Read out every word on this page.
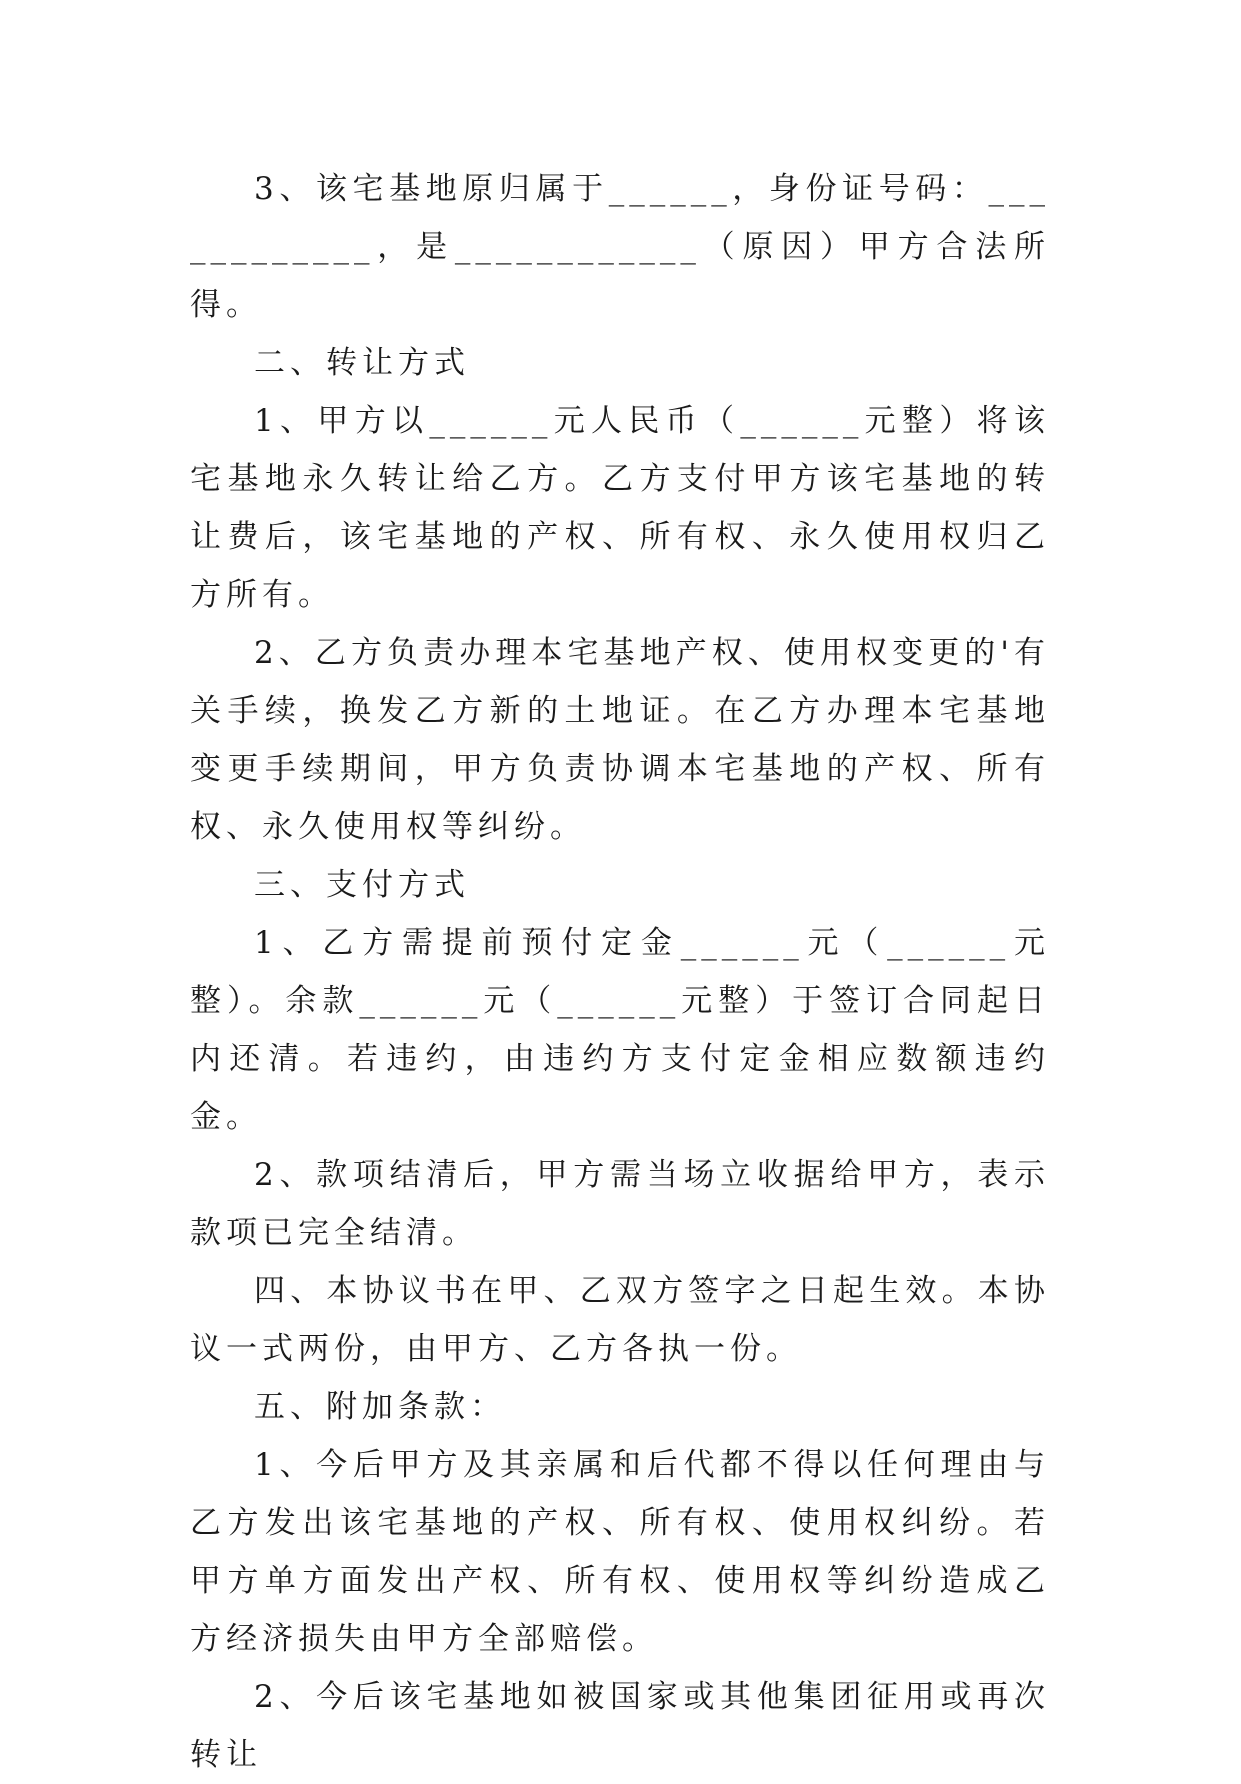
3、该宅基地原归属于______，身份证号码：____________，是____________（原因）甲方合法所得。

二、转让方式

1、甲方以______元人民币（______元整）将该宅基地永久转让给乙方。乙方支付甲方该宅基地的转让费后，该宅基地的产权、所有权、永久使用权归乙方所有。

2、乙方负责办理本宅基地产权、使用权变更的'有关手续，换发乙方新的土地证。在乙方办理本宅基地变更手续期间，甲方负责协调本宅基地的产权、所有权、永久使用权等纠纷。

三、支付方式

1、乙方需提前预付定金______元（______元整）。余款______元（______元整）于签订合同起日内还清。若违约，由违约方支付定金相应数额违约金。

2、款项结清后，甲方需当场立收据给甲方，表示款项已完全结清。

四、本协议书在甲、乙双方签字之日起生效。本协议一式两份，由甲方、乙方各执一份。

五、附加条款：

1、今后甲方及其亲属和后代都不得以任何理由与乙方发出该宅基地的产权、所有权、使用权纠纷。若甲方单方面发出产权、所有权、使用权等纠纷造成乙方经济损失由甲方全部赔偿。

2、今后该宅基地如被国家或其他集团征用或再次转让
